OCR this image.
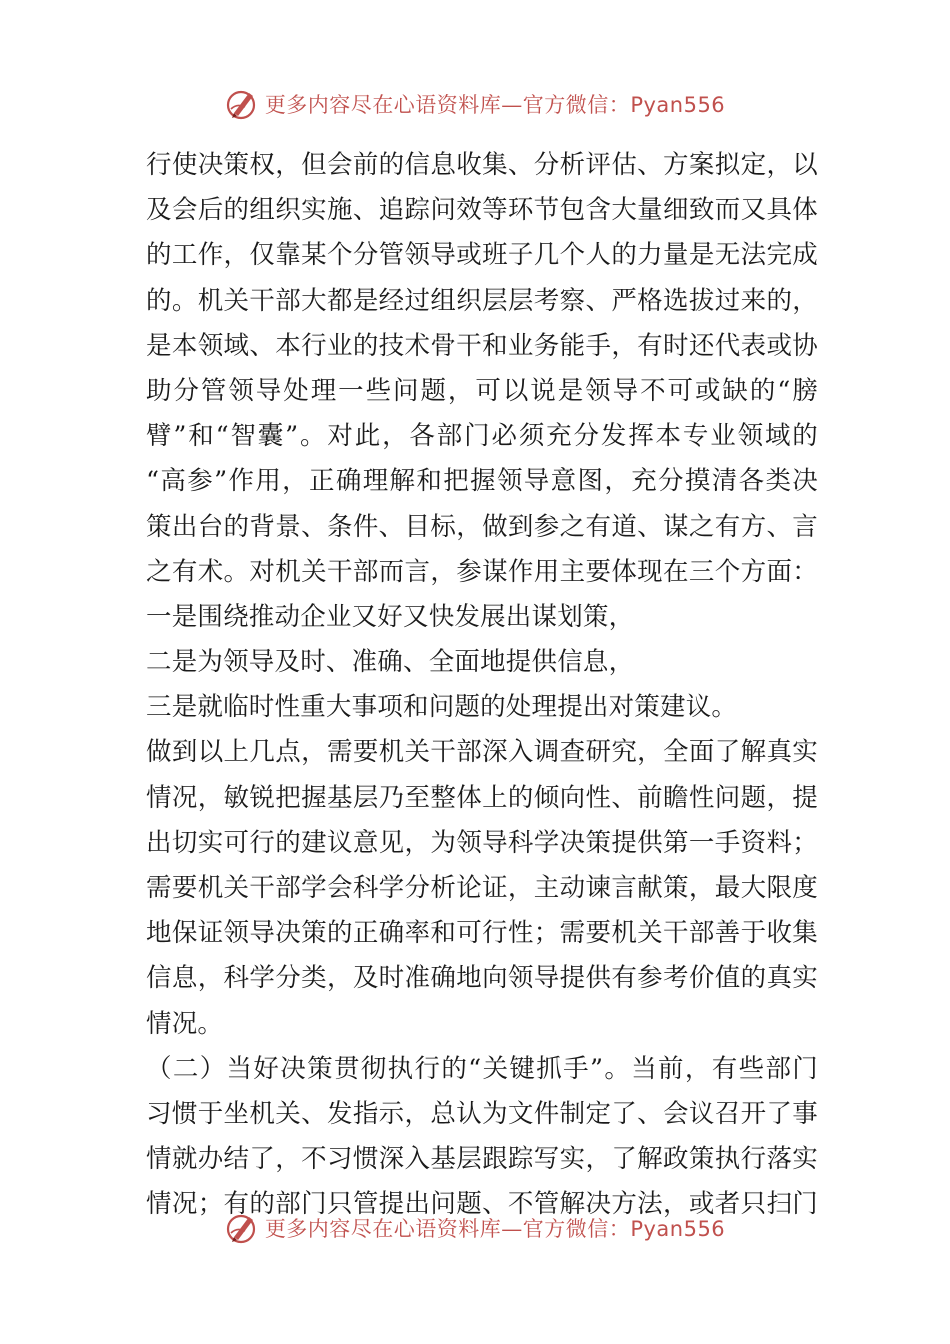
更多内容尽在心语资料库—官方微信：Pyan556
行使决策权，但会前的信息收集、分析评估、方案拟定，以
及会后的组织实施、追踪问效等环节包含大量细致而又具体
的工作，仅靠某个分管领导或班子几个人的力量是无法完成
的。机关干部大都是经过组织层层考察、严格选拔过来的，
是本领域、本行业的技术骨干和业务能手，有时还代表或协
助分管领导处理一些问题，可以说是领导不可或缺的“膀
臂”和“智囊”。对此，各部门必须充分发挥本专业领域的
“高参”作用，正确理解和把握领导意图，充分摸清各类决
策出台的背景、条件、目标，做到参之有道、谋之有方、言
之有术。对机关干部而言，参谋作用主要体现在三个方面：
一是围绕推动企业又好又快发展出谋划策，
二是为领导及时、准确、全面地提供信息，
三是就临时性重大事项和问题的处理提出对策建议。
做到以上几点，需要机关干部深入调查研究，全面了解真实
情况，敏锐把握基层乃至整体上的倾向性、前瞻性问题，提
出切实可行的建议意见，为领导科学决策提供第一手资料；
需要机关干部学会科学分析论证，主动谏言献策，最大限度
地保证领导决策的正确率和可行性；需要机关干部善于收集
信息，科学分类，及时准确地向领导提供有参考价值的真实
情况。
（二）当好决策贯彻执行的“关键抓手”。当前，有些部门
习惯于坐机关、发指示，总认为文件制定了、会议召开了事
情就办结了，不习惯深入基层跟踪写实，了解政策执行落实
情况；有的部门只管提出问题、不管解决方法，或者只扫门
更多内容尽在心语资料库—官方微信：Pyan556
